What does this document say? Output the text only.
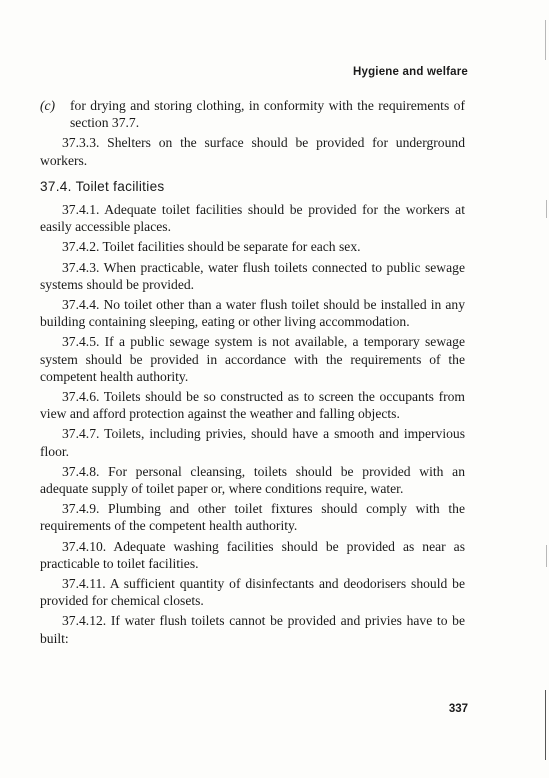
Hygiene and welfare

(c) for drying and storing clothing, in conformity with the requirements of section 37.7.

37.3.3. Shelters on the surface should be provided for underground workers.

37.4. Toilet facilities

37.4.1. Adequate toilet facilities should be provided for the workers at easily accessible places.

37.4.2. Toilet facilities should be separate for each sex.

37.4.3. When practicable, water flush toilets connected to public sewage systems should be provided.

37.4.4. No toilet other than a water flush toilet should be installed in any building containing sleeping, eating or other living accommodation.

37.4.5. If a public sewage system is not available, a temporary sewage system should be provided in accordance with the requirements of the competent health authority.

37.4.6. Toilets should be so constructed as to screen the occupants from view and afford protection against the weather and falling objects.

37.4.7. Toilets, including privies, should have a smooth and impervious floor.

37.4.8. For personal cleansing, toilets should be provided with an adequate supply of toilet paper or, where conditions require, water.

37.4.9. Plumbing and other toilet fixtures should comply with the requirements of the competent health authority.

37.4.10. Adequate washing facilities should be provided as near as practicable to toilet facilities.

37.4.11. A sufficient quantity of disinfectants and deodorisers should be provided for chemical closets.

37.4.12. If water flush toilets cannot be provided and privies have to be built:

337
